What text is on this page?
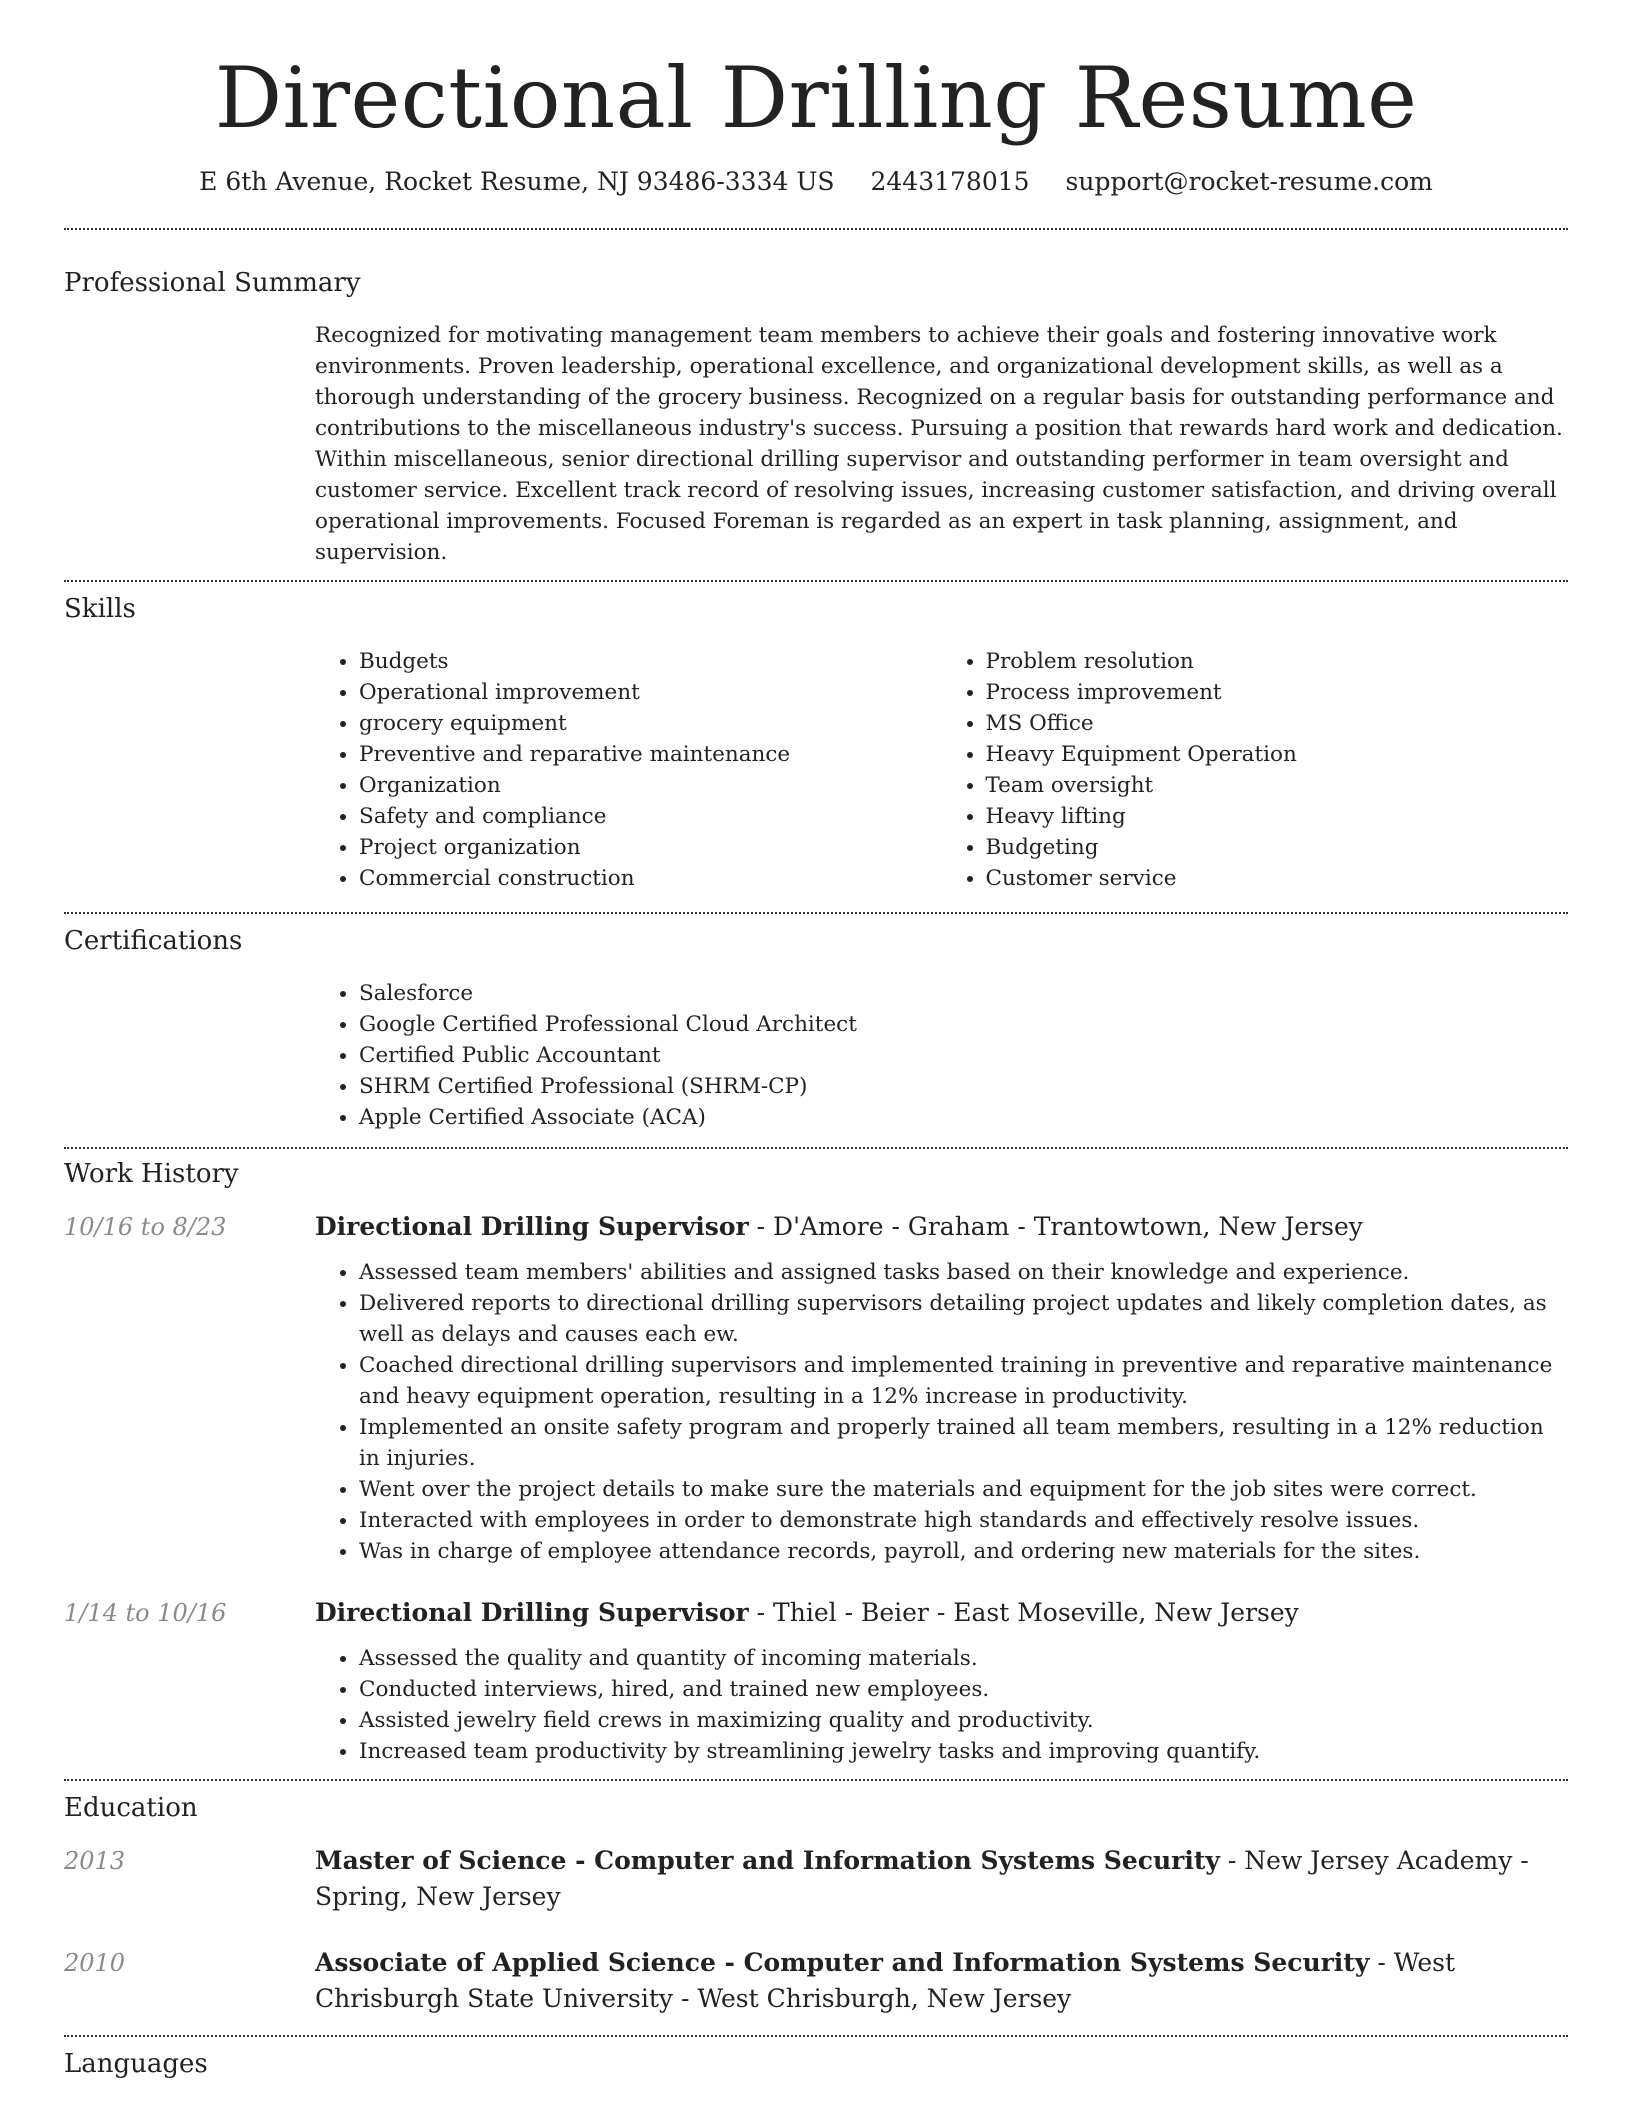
Directional Drilling Resume
E 6th Avenue, Rocket Resume, NJ 93486-3334 US 2443178015 support@rocket-resume.com
Professional Summary

Recognized for motivating management team members to achieve their goals and fostering innovative work environments. Proven leadership, operational excellence, and organizational development skills, as well as a thorough understanding of the grocery business. Recognized on a regular basis for outstanding performance and contributions to the miscellaneous industry's success. Pursuing a position that rewards hard work and dedication. Within miscellaneous, senior directional drilling supervisor and outstanding performer in team oversight and customer service. Excellent track record of resolving issues, increasing customer satisfaction, and driving overall operational improvements. Focused Foreman is regarded as an expert in task planning, assignment, and supervision.

Skills
• Budgets
• Operational improvement
• grocery equipment
• Preventive and reparative maintenance
• Organization
• Safety and compliance
• Project organization
• Commercial construction
• Problem resolution
• Process improvement
• MS Office
• Heavy Equipment Operation
• Team oversight
• Heavy lifting
• Budgeting
• Customer service
Certifications
• Salesforce
• Google Certified Professional Cloud Architect
• Certified Public Accountant
• SHRM Certified Professional (SHRM-CP)
• Apple Certified Associate (ACA)
Work History
10/16 to 8/23	Directional Drilling Supervisor - D'Amore - Graham - Trantowtown, New Jersey
• Assessed team members' abilities and assigned tasks based on their knowledge and experience.
• Delivered reports to directional drilling supervisors detailing project updates and likely completion dates, as well as delays and causes each ew.
• Coached directional drilling supervisors and implemented training in preventive and reparative maintenance and heavy equipment operation, resulting in a 12% increase in productivity.
• Implemented an onsite safety program and properly trained all team members, resulting in a 12% reduction in injuries.
• Went over the project details to make sure the materials and equipment for the job sites were correct.
• Interacted with employees in order to demonstrate high standards and effectively resolve issues.
• Was in charge of employee attendance records, payroll, and ordering new materials for the sites.
1/14 to 10/16	Directional Drilling Supervisor - Thiel - Beier - East Moseville, New Jersey
• Assessed the quality and quantity of incoming materials.
• Conducted interviews, hired, and trained new employees.
• Assisted jewelry field crews in maximizing quality and productivity.
• Increased team productivity by streamlining jewelry tasks and improving quantify.
Education
2013	Master of Science - Computer and Information Systems Security - New Jersey Academy - Spring, New Jersey
2010	Associate of Applied Science - Computer and Information Systems Security - West Chrisburgh State University - West Chrisburgh, New Jersey
Languages
